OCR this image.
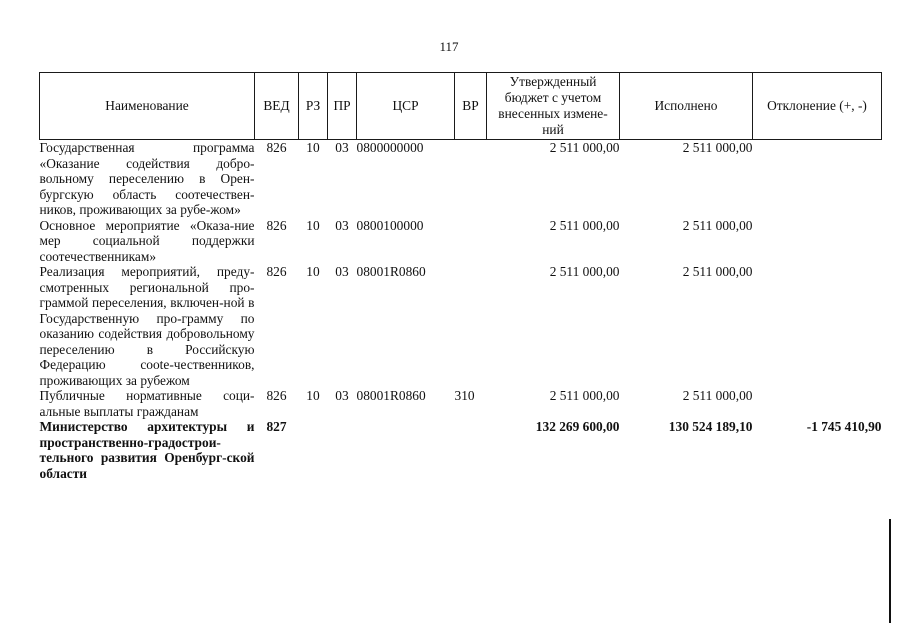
117
Наименование	ВЕД	РЗ	ПР	ЦСР	ВР	Утвержденный бюджет с учетом внесенных измене-ний	Исполнено	Отклонение (+, -)
Государственная программа «Оказание содействия добро-вольному переселению в Орен-бургскую область соотечествен-ников, проживающих за рубе-жом»	826	10	03	0800000000		2 511 000,00	2 511 000,00	
Основное мероприятие «Оказа-ние мер социальной поддержки соотечественникам»	826	10	03	0800100000		2 511 000,00	2 511 000,00	
Реализация мероприятий, преду-смотренных региональной про-граммой переселения, включен-ной в Государственную про-грамму по оказанию содействия добровольному переселению в Российскую Федерацию соote-чественников, проживающих за рубежом	826	10	03	08001R0860		2 511 000,00	2 511 000,00	
Публичные нормативные соци-альные выплаты гражданам	826	10	03	08001R0860	310	2 511 000,00	2 511 000,00	
Министерство архитектуры и пространственно-градострои-тельного развития Оренбург-ской области	827					132 269 600,00	130 524 189,10	-1 745 410,90
